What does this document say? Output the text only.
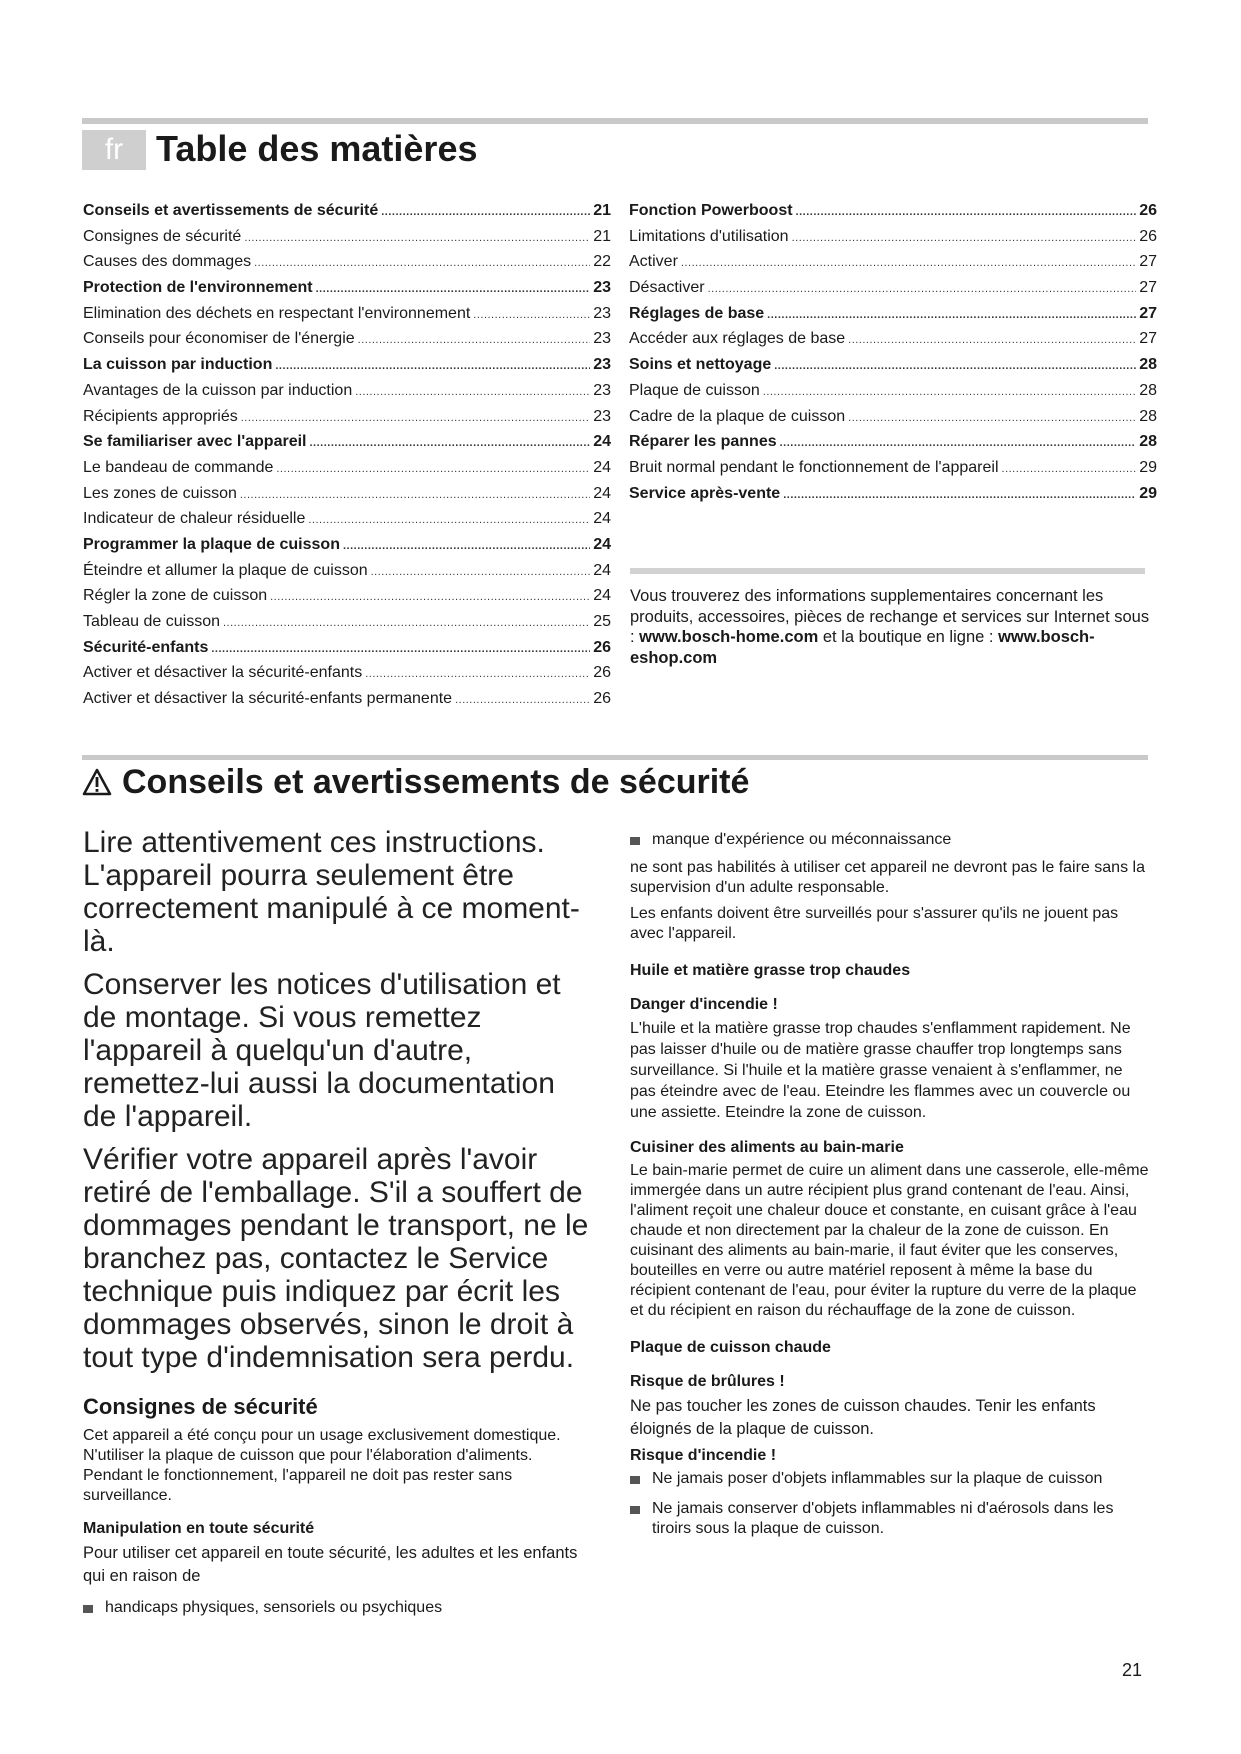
fr Table des matières
Conseils et avertissements de sécurité .....	21
Consignes de sécurité .....	21
Causes des dommages .....	22
Protection de l'environnement .....	23
Elimination des déchets en respectant l'environnement .....	23
Conseils pour économiser de l'énergie .....	23
La cuisson par induction .....	23
Avantages de la cuisson par induction .....	23
Récipients appropriés .....	23
Se familiariser avec l'appareil .....	24
Le bandeau de commande .....	24
Les zones de cuisson .....	24
Indicateur de chaleur résiduelle .....	24
Programmer la plaque de cuisson .....	24
Éteindre et allumer la plaque de cuisson .....	24
Régler la zone de cuisson .....	24
Tableau de cuisson .....	25
Sécurité-enfants .....	26
Activer et désactiver la sécurité-enfants .....	26
Activer et désactiver la sécurité-enfants permanente .....	26
Fonction Powerboost .....	26
Limitations d'utilisation .....	26
Activer .....	27
Désactiver .....	27
Réglages de base .....	27
Accéder aux réglages de base .....	27
Soins et nettoyage .....	28
Plaque de cuisson .....	28
Cadre de la plaque de cuisson .....	28
Réparer les pannes .....	28
Bruit normal pendant le fonctionnement de l'appareil .....	29
Service après-vente .....	29

Vous trouverez des informations supplementaires concernant les produits, accessoires, pièces de rechange et services sur Internet sous : www.bosch-home.com et la boutique en ligne : www.bosch-eshop.com

Conseils et avertissements de sécurité

Lire attentivement ces instructions. L'appareil pourra seulement être correctement manipulé à ce moment-là.

Conserver les notices d'utilisation et de montage. Si vous remettez l'appareil à quelqu'un d'autre, remettez-lui aussi la documentation de l'appareil.

Vérifier votre appareil après l'avoir retiré de l'emballage. S'il a souffert de dommages pendant le transport, ne le branchez pas, contactez le Service technique puis indiquez par écrit les dommages observés, sinon le droit à tout type d'indemnisation sera perdu.

Consignes de sécurité

Cet appareil a été conçu pour un usage exclusivement domestique. N'utiliser la plaque de cuisson que pour l'élaboration d'aliments. Pendant le fonctionnement, l'appareil ne doit pas rester sans surveillance.

Manipulation en toute sécurité

Pour utiliser cet appareil en toute sécurité, les adultes et les enfants qui en raison de

handicaps physiques, sensoriels ou psychiques
manque d'expérience ou méconnaissance

ne sont pas habilités à utiliser cet appareil ne devront pas le faire sans la supervision d'un adulte responsable.

Les enfants doivent être surveillés pour s'assurer qu'ils ne jouent pas avec l'appareil.

Huile et matière grasse trop chaudes
Danger d'incendie !

L'huile et la matière grasse trop chaudes s'enflamment rapidement. Ne pas laisser d'huile ou de matière grasse chauffer trop longtemps sans surveillance. Si l'huile et la matière grasse venaient à s'enflammer, ne pas éteindre avec de l'eau. Eteindre les flammes avec un couvercle ou une assiette. Eteindre la zone de cuisson.

Cuisiner des aliments au bain-marie

Le bain-marie permet de cuire un aliment dans une casserole, elle-même immergée dans un autre récipient plus grand contenant de l'eau. Ainsi, l'aliment reçoit une chaleur douce et constante, en cuisant grâce à l'eau chaude et non directement par la chaleur de la zone de cuisson. En cuisinant des aliments au bain-marie, il faut éviter que les conserves, bouteilles en verre ou autre matériel reposent à même la base du récipient contenant de l'eau, pour éviter la rupture du verre de la plaque et du récipient en raison du réchauffage de la zone de cuisson.

Plaque de cuisson chaude
Risque de brûlures !

Ne pas toucher les zones de cuisson chaudes. Tenir les enfants éloignés de la plaque de cuisson.

Risque d'incendie !
Ne jamais poser d'objets inflammables sur la plaque de cuisson
Ne jamais conserver d'objets inflammables ni d'aérosols dans les tiroirs sous la plaque de cuisson.
21
